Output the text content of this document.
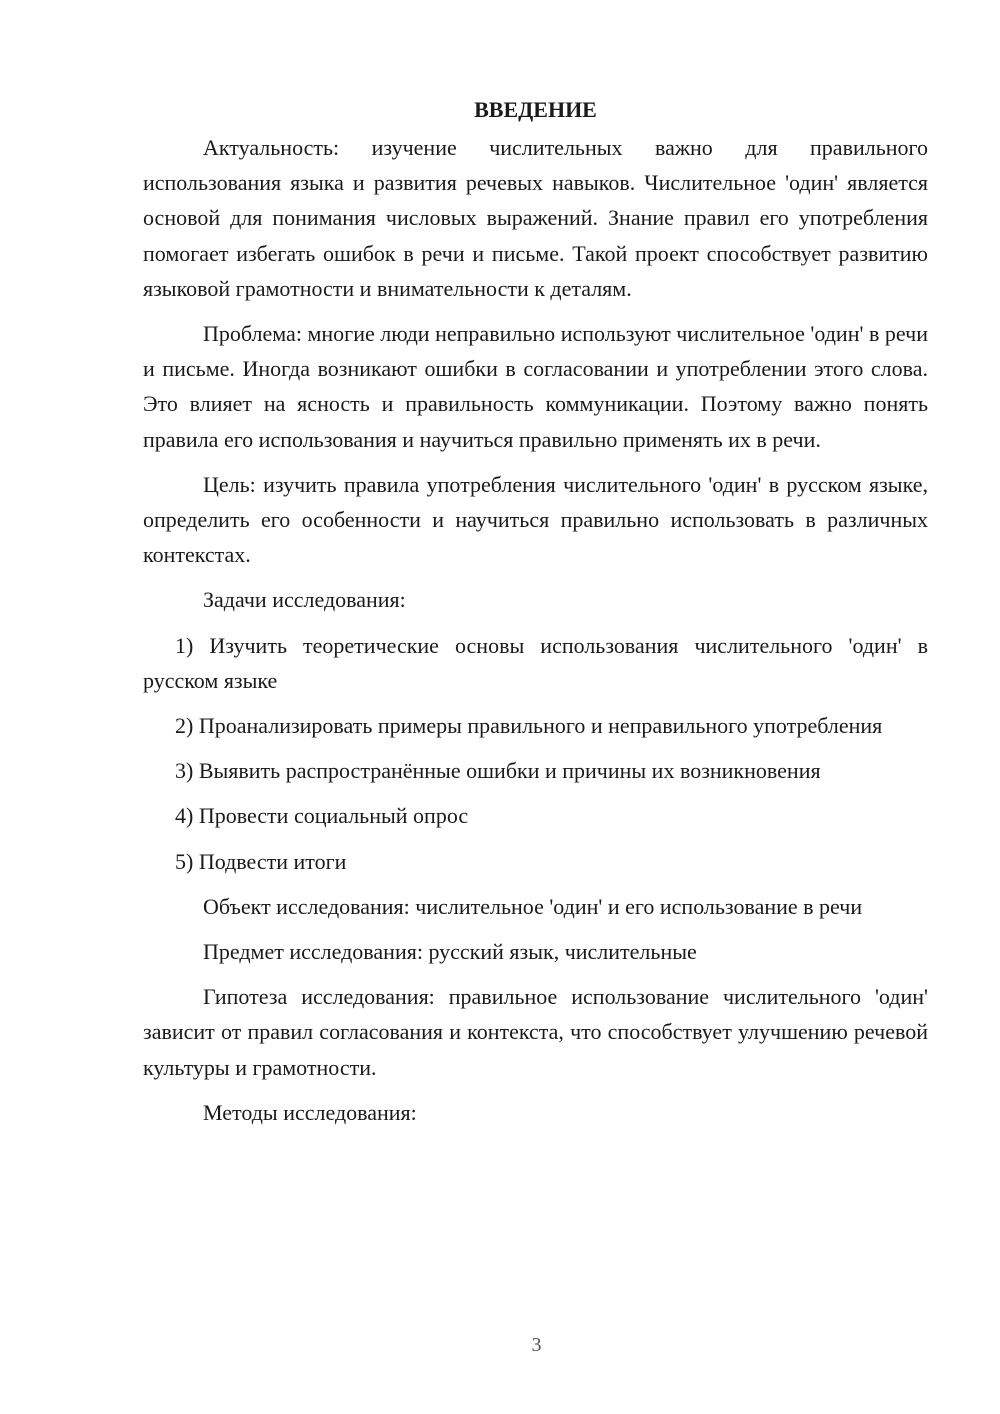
ВВЕДЕНИЕ

Актуальность: изучение числительных важно для правильного использования языка и развития речевых навыков. Числительное 'один' является основой для понимания числовых выражений. Знание правил его употребления помогает избегать ошибок в речи и письме. Такой проект способствует развитию языковой грамотности и внимательности к деталям.

Проблема: многие люди неправильно используют числительное 'один' в речи и письме. Иногда возникают ошибки в согласовании и употреблении этого слова. Это влияет на ясность и правильность коммуникации. Поэтому важно понять правила его использования и научиться правильно применять их в речи.

Цель: изучить правила употребления числительного 'один' в русском языке, определить его особенности и научиться правильно использовать в различных контекстах.

Задачи исследования:

1) Изучить теоретические основы использования числительного 'один' в русском языке

2) Проанализировать примеры правильного и неправильного употребления

3) Выявить распространённые ошибки и причины их возникновения

4) Провести социальный опрос

5) Подвести итоги

Объект исследования: числительное 'один' и его использование в речи

Предмет исследования: русский язык, числительные

Гипотеза исследования: правильное использование числительного 'один' зависит от правил согласования и контекста, что способствует улучшению речевой культуры и грамотности.

Методы исследования:

3
